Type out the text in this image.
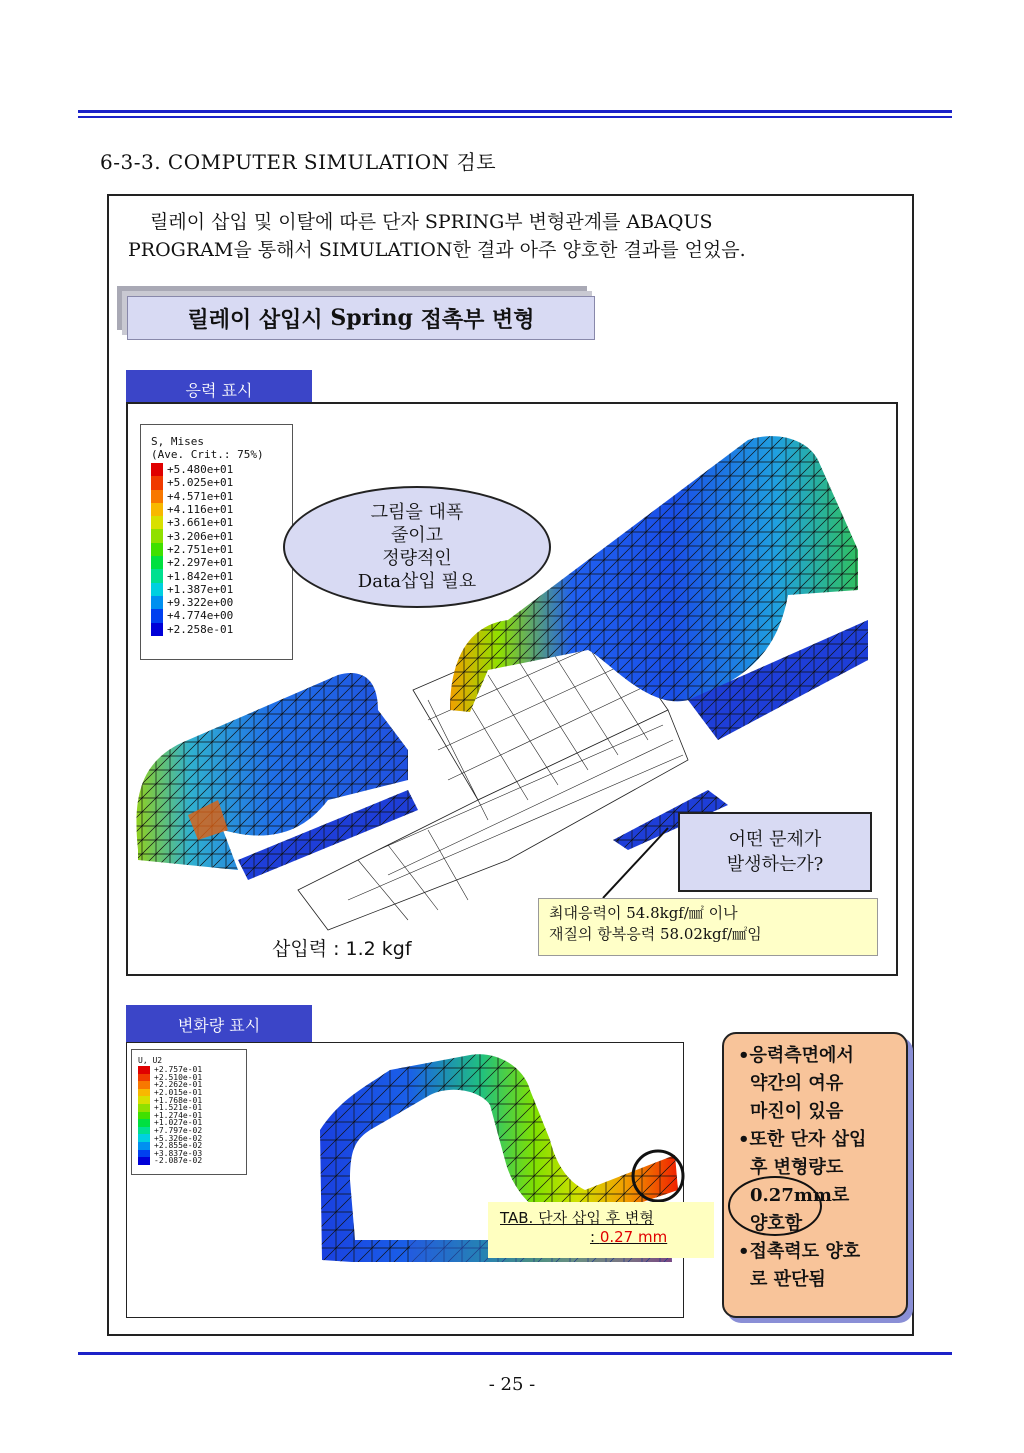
6-3-3. COMPUTER SIMULATION 검토
릴레이 삽입 및 이탈에 따른 단자 SPRING부 변형관계를 ABAQUS
PROGRAM을 통해서 SIMULATION한 결과 아주 양호한 결과를 얻었음.
릴레이 삽입시
Spring
접촉부 변형
응력 표시
S, Mises
(Ave. Crit.: 75%)
+5.480e+01
+5.025e+01
+4.571e+01
+4.116e+01
+3.661e+01
+3.206e+01
+2.751e+01
+2.297e+01
+1.842e+01
+1.387e+01
+9.322e+00
+4.774e+00
+2.258e-01
그림을 대폭
줄이고
정량적인
Data삽입 필요
어떤 문제가
발생하는가?
최대응력이 54.8kgf/㎟ 이나
재질의 항복응력 58.02kgf/㎟임
삽입력 : 1.2 kgf
변화량 표시
U, U2
+2.757e-01
+2.510e-01
+2.262e-01
+2.015e-01
+1.768e-01
+1.521e-01
+1.274e-01
+1.027e-01
+7.797e-02
+5.326e-02
+2.855e-02
+3.837e-03
-2.087e-02
TAB. 단자 삽입 후 변형
: 0.27 mm
•응력측면에서
약간의 여유
마진이 있음
•또한 단자 삽입
후 변형량도
0.27mm로
양호함
•접촉력도 양호
로 판단됨
- 25 -
